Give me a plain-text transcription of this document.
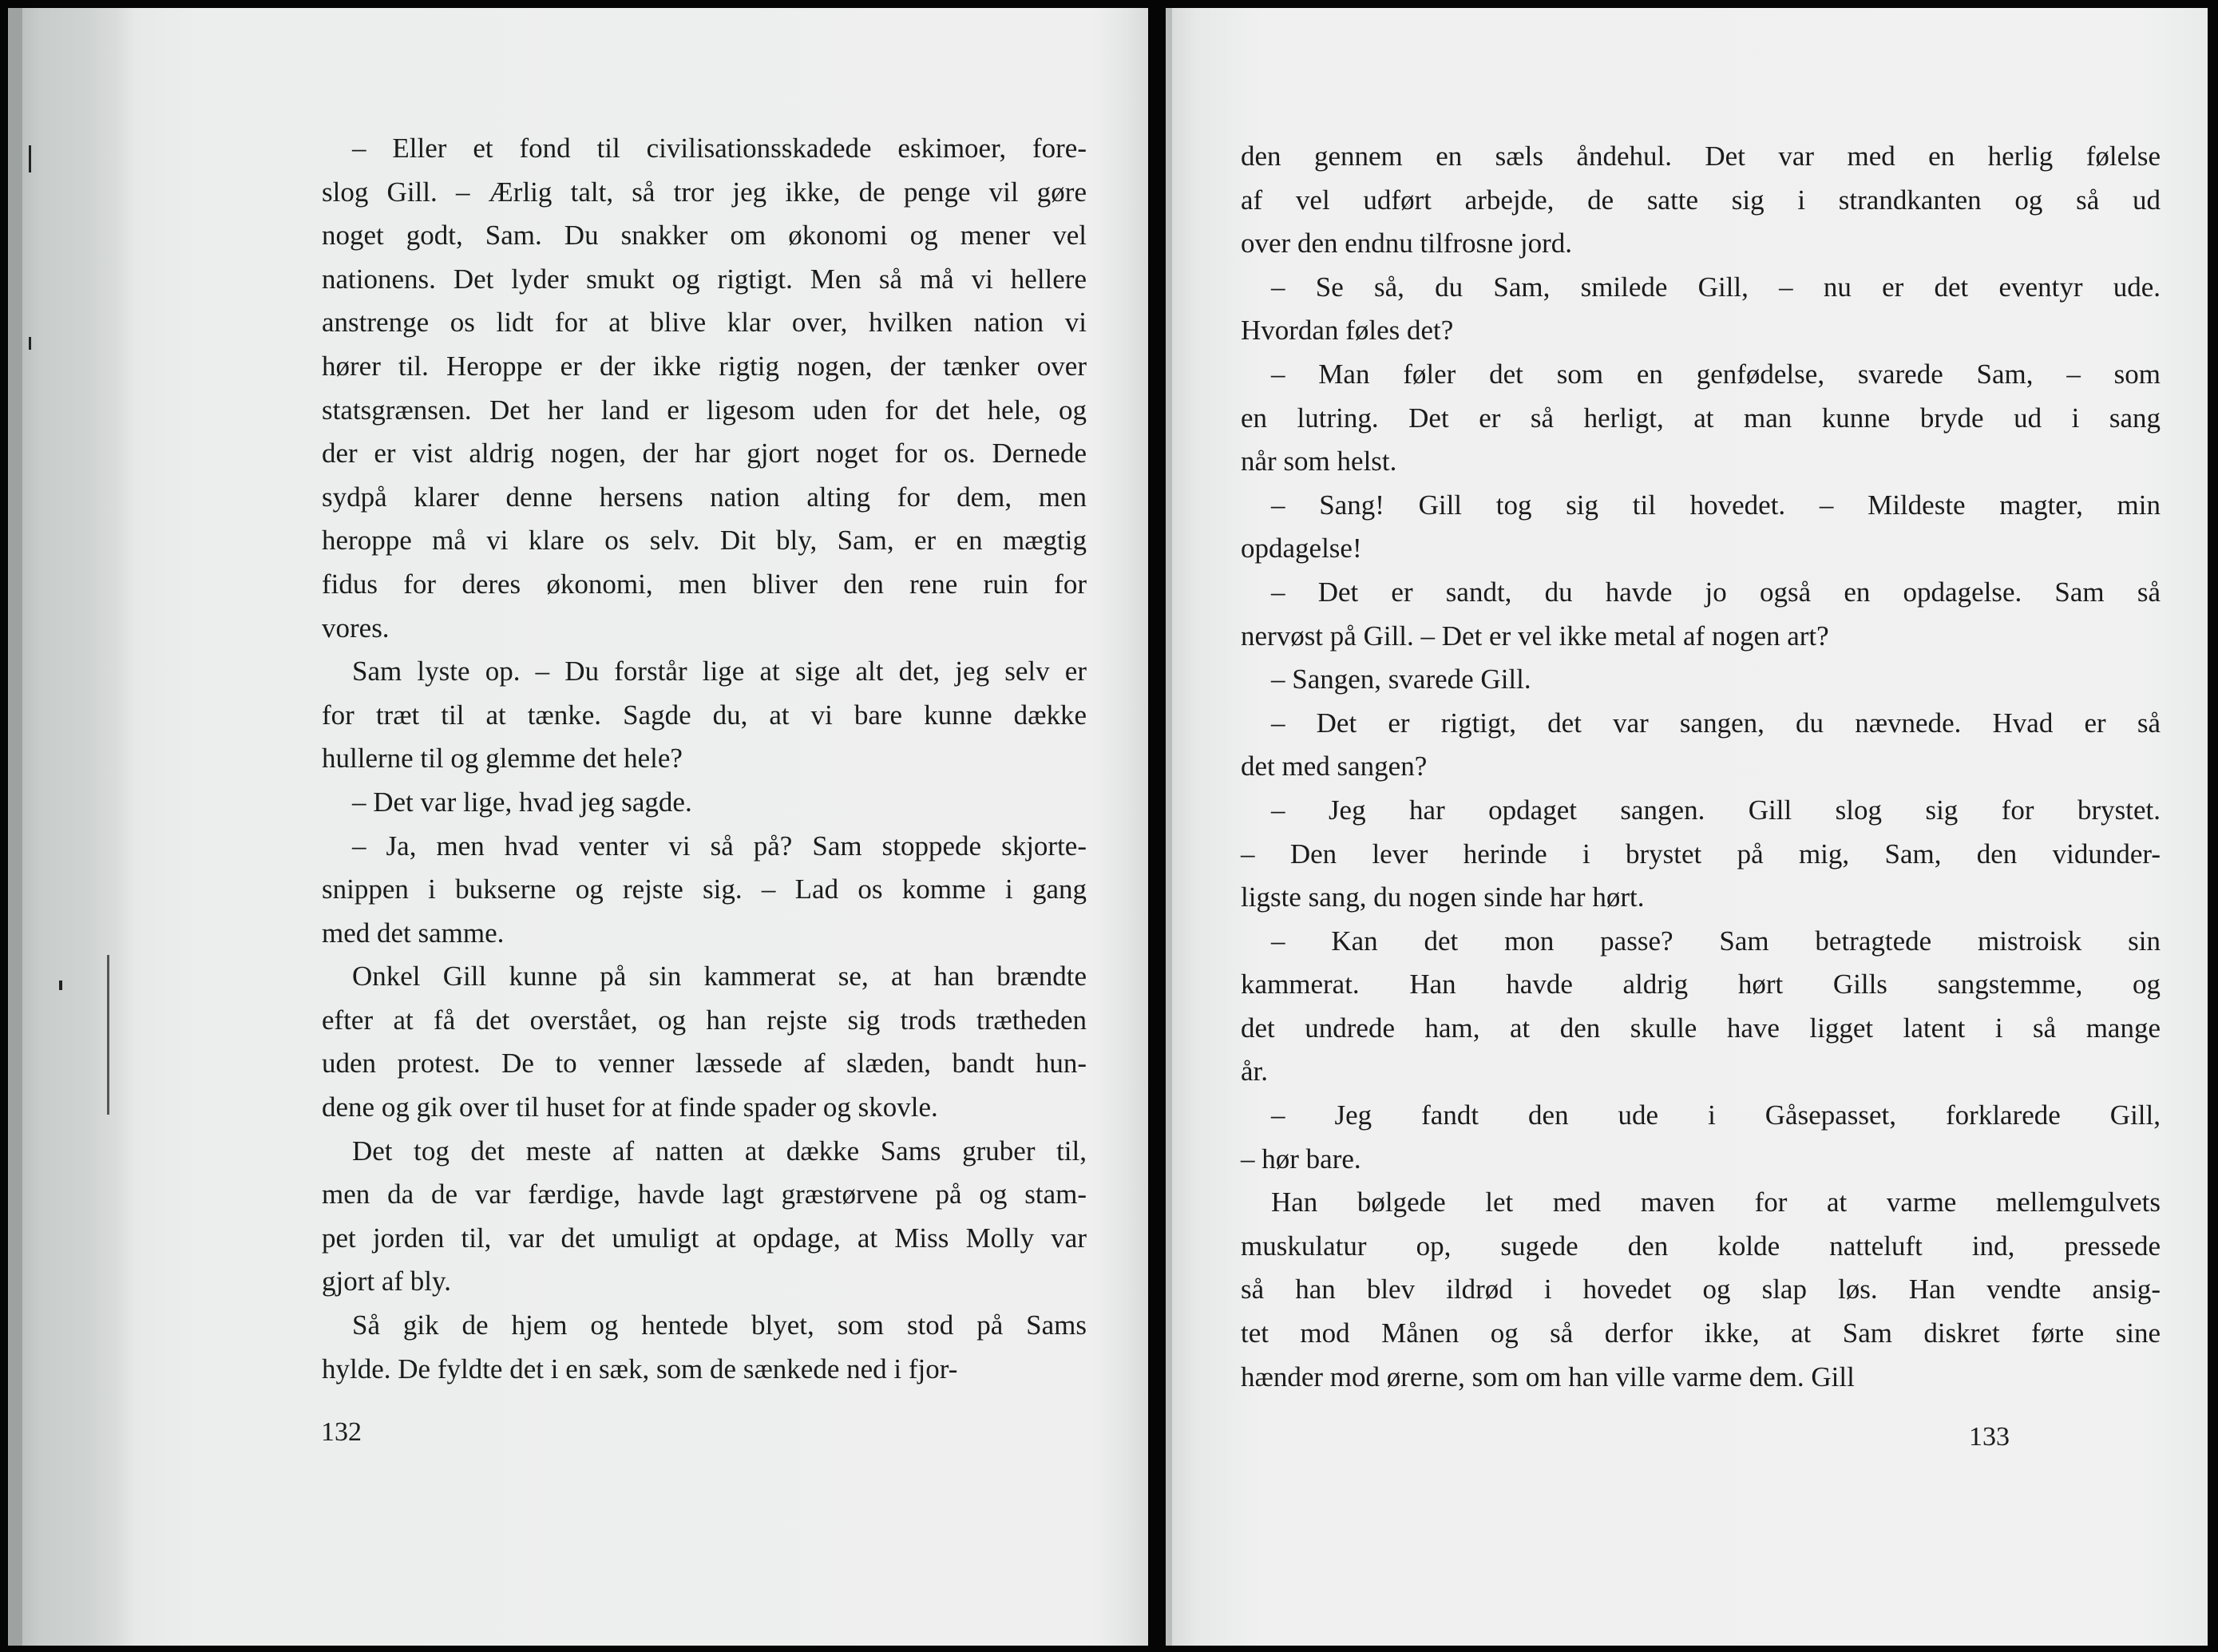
– Eller et fond til civilisationsskadede eskimoer, fore-
slog Gill. – Ærlig talt, så tror jeg ikke, de penge vil gøre
noget godt, Sam. Du snakker om økonomi og mener vel
nationens. Det lyder smukt og rigtigt. Men så må vi hellere
anstrenge os lidt for at blive klar over, hvilken nation vi
hører til. Heroppe er der ikke rigtig nogen, der tænker over
statsgrænsen. Det her land er ligesom uden for det hele, og
der er vist aldrig nogen, der har gjort noget for os. Dernede
sydpå klarer denne hersens nation alting for dem, men
heroppe må vi klare os selv. Dit bly, Sam, er en mægtig
fidus for deres økonomi, men bliver den rene ruin for
vores.

Sam lyste op. – Du forstår lige at sige alt det, jeg selv er
for træt til at tænke. Sagde du, at vi bare kunne dække
hullerne til og glemme det hele?

– Det var lige, hvad jeg sagde.

– Ja, men hvad venter vi så på? Sam stoppede skjorte-
snippen i bukserne og rejste sig. – Lad os komme i gang
med det samme.

Onkel Gill kunne på sin kammerat se, at han brændte
efter at få det overstået, og han rejste sig trods trætheden
uden protest. De to venner læssede af slæden, bandt hun-
dene og gik over til huset for at finde spader og skovle.

Det tog det meste af natten at dække Sams gruber til,
men da de var færdige, havde lagt græstørvene på og stam-
pet jorden til, var det umuligt at opdage, at Miss Molly var
gjort af bly.

Så gik de hjem og hentede blyet, som stod på Sams
hylde. De fyldte det i en sæk, som de sænkede ned i fjor-

132

den gennem en sæls åndehul. Det var med en herlig følelse
af vel udført arbejde, de satte sig i strandkanten og så ud
over den endnu tilfrosne jord.

– Se så, du Sam, smilede Gill, – nu er det eventyr ude.
Hvordan føles det?

– Man føler det som en genfødelse, svarede Sam, – som
en lutring. Det er så herligt, at man kunne bryde ud i sang
når som helst.

– Sang! Gill tog sig til hovedet. – Mildeste magter, min
opdagelse!

– Det er sandt, du havde jo også en opdagelse. Sam så
nervøst på Gill. – Det er vel ikke metal af nogen art?

– Sangen, svarede Gill.

– Det er rigtigt, det var sangen, du nævnede. Hvad er så
det med sangen?

– Jeg har opdaget sangen. Gill slog sig for brystet.
– Den lever herinde i brystet på mig, Sam, den vidunder-
ligste sang, du nogen sinde har hørt.

– Kan det mon passe? Sam betragtede mistroisk sin
kammerat. Han havde aldrig hørt Gills sangstemme, og
det undrede ham, at den skulle have ligget latent i så mange
år.

– Jeg fandt den ude i Gåsepasset, forklarede Gill,
– hør bare.

Han bølgede let med maven for at varme mellemgulvets
muskulatur op, sugede den kolde natteluft ind, pressede
så han blev ildrød i hovedet og slap løs. Han vendte ansig-
tet mod Månen og så derfor ikke, at Sam diskret førte sine
hænder mod ørerne, som om han ville varme dem. Gill

133
